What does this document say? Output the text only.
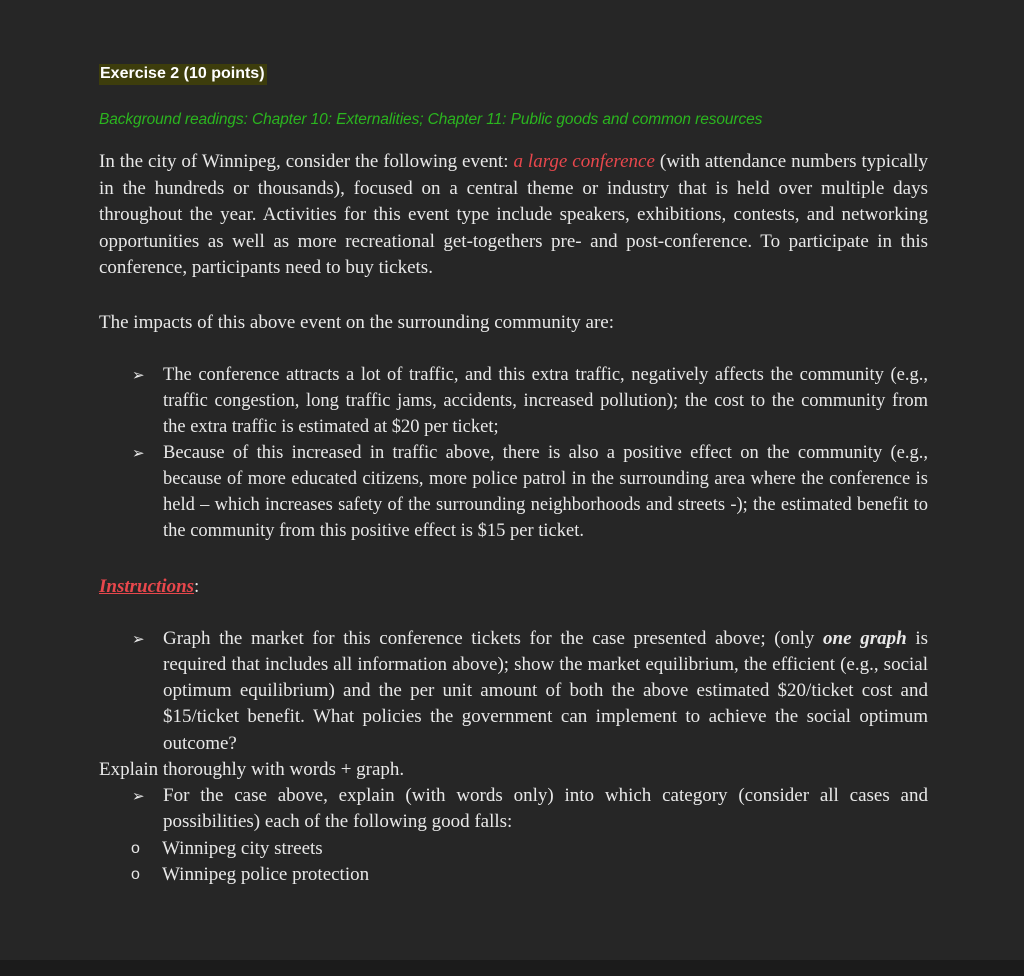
Exercise 2 (10 points)
Background readings: Chapter 10: Externalities; Chapter 11: Public goods and common resources

In the city of Winnipeg, consider the following event: a large conference (with attendance numbers typically in the hundreds or thousands), focused on a central theme or industry that is held over multiple days throughout the year. Activities for this event type include speakers, exhibitions, contests, and networking opportunities as well as more recreational get-togethers pre- and post-conference. To participate in this conference, participants need to buy tickets.

The impacts of this above event on the surrounding community are:

➢ The conference attracts a lot of traffic, and this extra traffic, negatively affects the community (e.g., traffic congestion, long traffic jams, accidents, increased pollution); the cost to the community from the extra traffic is estimated at $20 per ticket;
➢ Because of this increased in traffic above, there is also a positive effect on the community (e.g., because of more educated citizens, more police patrol in the surrounding area where the conference is held – which increases safety of the surrounding neighborhoods and streets -); the estimated benefit to the community from this positive effect is $15 per ticket.
Instructions:
➢ Graph the market for this conference tickets for the case presented above; (only one graph is required that includes all information above); show the market equilibrium, the efficient (e.g., social optimum equilibrium) and the per unit amount of both the above estimated $20/ticket cost and $15/ticket benefit. What policies the government can implement to achieve the social optimum outcome?

Explain thoroughly with words + graph.

➢ For the case above, explain (with words only) into which category (consider all cases and possibilities) each of the following good falls:
o Winnipeg city streets
o Winnipeg police protection
